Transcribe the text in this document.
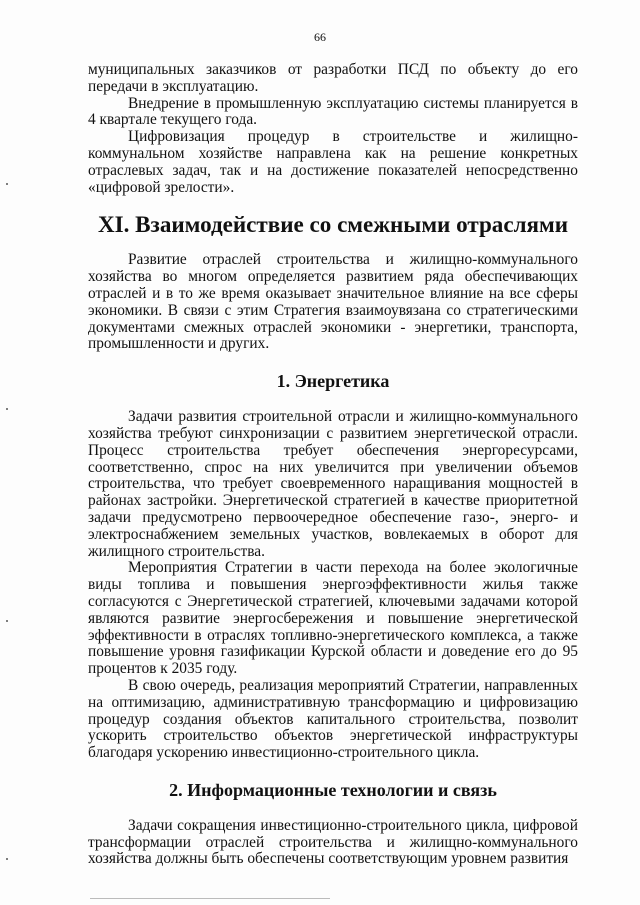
66

муниципальных заказчиков от разработки ПСД по объекту до его передачи в эксплуатацию.

Внедрение в промышленную эксплуатацию системы планируется в 4 квартале текущего года.

Цифровизация процедур в строительстве и жилищно-коммунальном хозяйстве направлена как на решение конкретных отраслевых задач, так и на достижение показателей непосредственно «цифровой зрелости».

XI. Взаимодействие со смежными отраслями

Развитие отраслей строительства и жилищно-коммунального хозяйства во многом определяется развитием ряда обеспечивающих отраслей и в то же время оказывает значительное влияние на все сферы экономики. В связи с этим Стратегия взаимоувязана со стратегическими документами смежных отраслей экономики - энергетики, транспорта, промышленности и других.

1. Энергетика

Задачи развития строительной отрасли и жилищно-коммунального хозяйства требуют синхронизации с развитием энергетической отрасли. Процесс строительства требует обеспечения энергоресурсами, соответственно, спрос на них увеличится при увеличении объемов строительства, что требует своевременного наращивания мощностей в районах застройки. Энергетической стратегией в качестве приоритетной задачи предусмотрено первоочередное обеспечение газо-, энерго- и электроснабжением земельных участков, вовлекаемых в оборот для жилищного строительства.

Мероприятия Стратегии в части перехода на более экологичные виды топлива и повышения энергоэффективности жилья также согласуются с Энергетической стратегией, ключевыми задачами которой являются развитие энергосбережения и повышение энергетической эффективности в отраслях топливно-энергетического комплекса, а также повышение уровня газификации Курской области и доведение его до 95 процентов к 2035 году.

В свою очередь, реализация мероприятий Стратегии, направленных на оптимизацию, административную трансформацию и цифровизацию процедур создания объектов капитального строительства, позволит ускорить строительство объектов энергетической инфраструктуры благодаря ускорению инвестиционно-строительного цикла.

2. Информационные технологии и связь

Задачи сокращения инвестиционно-строительного цикла, цифровой трансформации отраслей строительства и жилищно-коммунального хозяйства должны быть обеспечены соответствующим уровнем развития
